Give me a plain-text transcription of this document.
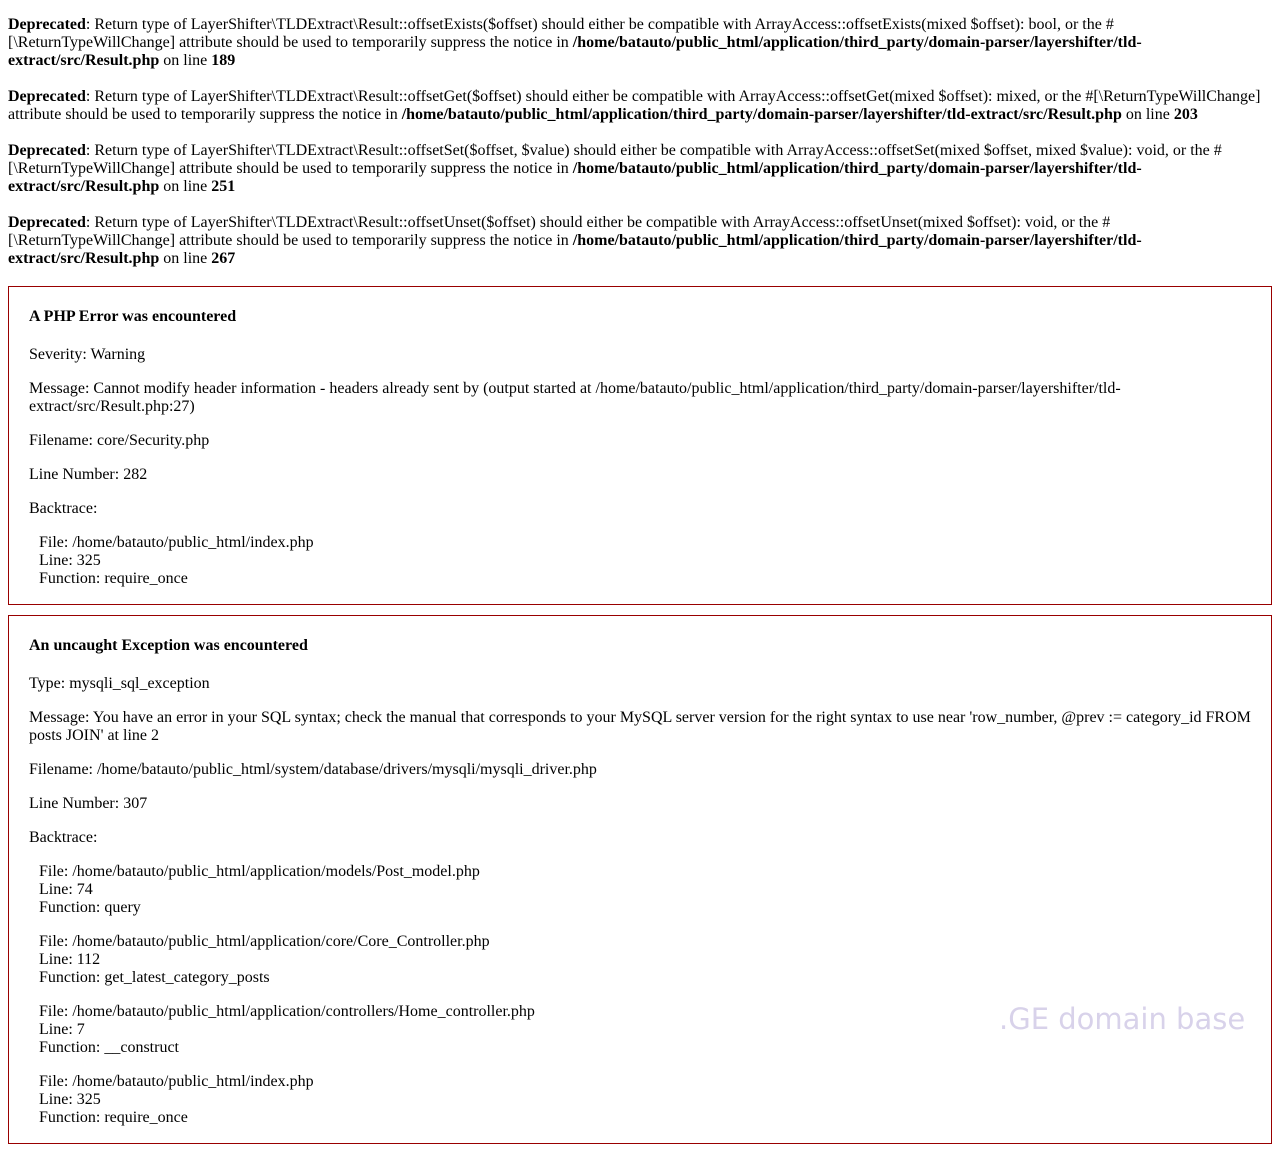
Deprecated: Return type of LayerShifter\TLDExtract\Result::offsetExists($offset) should either be compatible with ArrayAccess::offsetExists(mixed $offset): bool, or the #[\ReturnTypeWillChange] attribute should be used to temporarily suppress the notice in /home/batauto/public_html/application/third_party/domain-parser/layershifter/tld-extract/src/Result.php on line 189
Deprecated: Return type of LayerShifter\TLDExtract\Result::offsetGet($offset) should either be compatible with ArrayAccess::offsetGet(mixed $offset): mixed, or the #[\ReturnTypeWillChange] attribute should be used to temporarily suppress the notice in /home/batauto/public_html/application/third_party/domain-parser/layershifter/tld-extract/src/Result.php on line 203
Deprecated: Return type of LayerShifter\TLDExtract\Result::offsetSet($offset, $value) should either be compatible with ArrayAccess::offsetSet(mixed $offset, mixed $value): void, or the #[\ReturnTypeWillChange] attribute should be used to temporarily suppress the notice in /home/batauto/public_html/application/third_party/domain-parser/layershifter/tld-extract/src/Result.php on line 251
Deprecated: Return type of LayerShifter\TLDExtract\Result::offsetUnset($offset) should either be compatible with ArrayAccess::offsetUnset(mixed $offset): void, or the #[\ReturnTypeWillChange] attribute should be used to temporarily suppress the notice in /home/batauto/public_html/application/third_party/domain-parser/layershifter/tld-extract/src/Result.php on line 267
A PHP Error was encountered

Severity: Warning

Message: Cannot modify header information - headers already sent by (output started at /home/batauto/public_html/application/third_party/domain-parser/layershifter/tld-extract/src/Result.php:27)

Filename: core/Security.php

Line Number: 282

Backtrace:

File: /home/batauto/public_html/index.php
Line: 325
Function: require_once
An uncaught Exception was encountered

Type: mysqli_sql_exception

Message: You have an error in your SQL syntax; check the manual that corresponds to your MySQL server version for the right syntax to use near 'row_number, @prev := category_id FROM posts JOIN' at line 2

Filename: /home/batauto/public_html/system/database/drivers/mysqli/mysqli_driver.php

Line Number: 307

Backtrace:

File: /home/batauto/public_html/application/models/Post_model.php
Line: 74
Function: query
File: /home/batauto/public_html/application/core/Core_Controller.php
Line: 112
Function: get_latest_category_posts
File: /home/batauto/public_html/application/controllers/Home_controller.php
Line: 7
Function: __construct
File: /home/batauto/public_html/index.php
Line: 325
Function: require_once
.GE domain base
